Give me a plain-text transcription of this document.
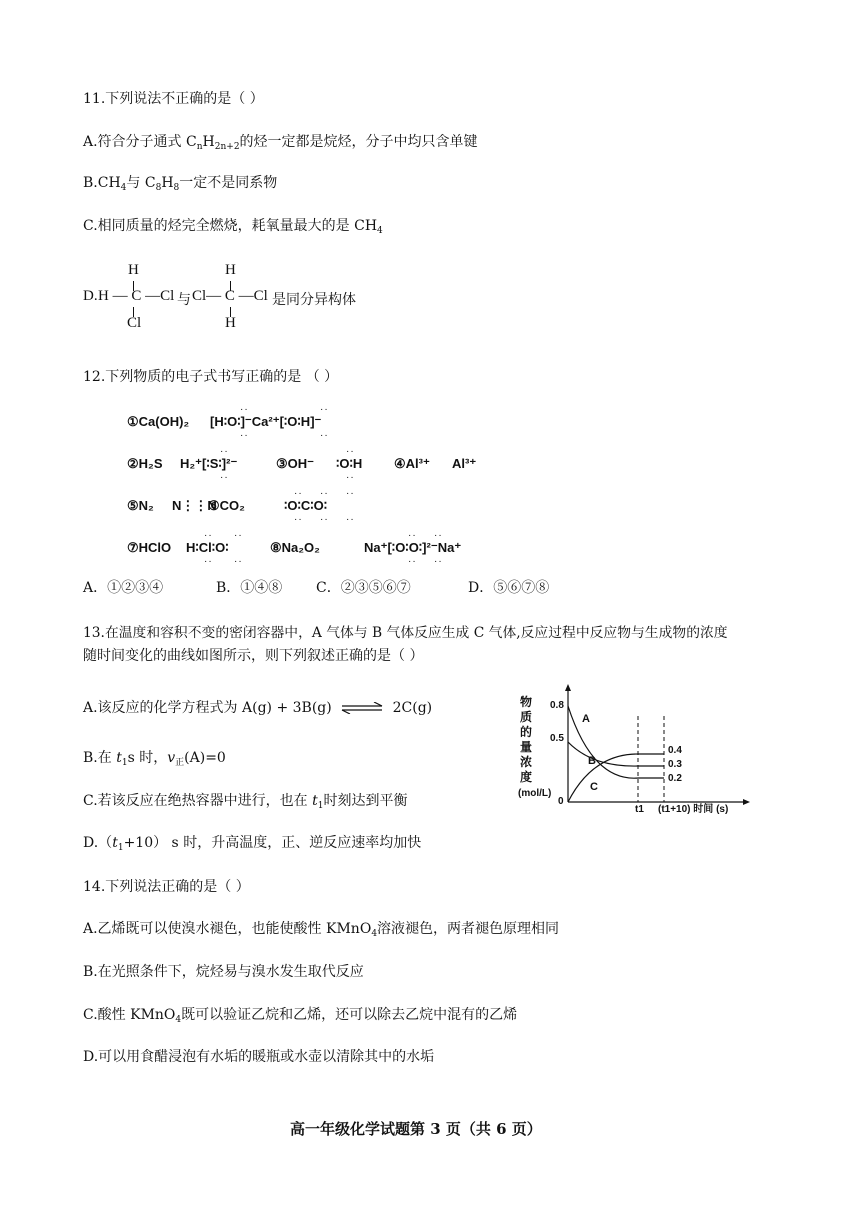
11.下列说法不正确的是（ ）
A.符合分子通式 $C_nH_{2n+2}$的烃一定都是烷烃，分子中均只含单键
$B.CH_4$与 $C_8H_8$一定不是同系物
C.相同质量的烃完全燃烧，耗氧量最大的是 $CH_4$
D.
H
H — C —Cl
Cl
与
H
Cl— C —Cl
H
是同分异构体
12.下列物质的电子式书写正确的是 （ ）
①Ca(OH)₂ [H∶O∶]⁻Ca²⁺[∶O∶H]⁻
··
··
··
··
②H₂S H₂⁺[∶S∶]²⁻
··
··
③OH⁻ ∶O∶H
··
··
④Al³⁺ Al³⁺
⑤N₂ N⋮⋮N
⑥CO₂	∶O∶C∶O∶
··
··
··
··
··
··
⑦HClO H∶Cl∶O∶
··
··
··
··
⑧Na₂O₂	Na⁺[∶O∶O∶]²⁻Na⁺
··
··
··
··
A．①②③④	B．①④⑧ C．②③⑤⑥⑦	D．⑤⑥⑦⑧
13.在温度和容积不变的密闭容器中，A 气体与 B 气体反应生成 C 气体,反应过程中反应物与生成物的浓度
随时间变化的曲线如图所示，则下列叙述正确的是（ ）
A.该反应的化学方程式为 A(g) + 3B(g) ⇌ 2C(g)
B.在 $t_1s$ 时，$v_正(A)=0$
C.若该反应在绝热容器中进行，也在 $t_1$时刻达到平衡
$D.(t_1+10)$ s 时，升高温度，正、逆反应速率均加快
物
质
的
量
浓
度
(mol/L)
0.8
0.5
0
A
B
C
0.4
0.3
0.2
t1 (t1+10) 时间 (s)
14.下列说法正确的是（ ）
A.乙烯既可以使溴水褪色，也能使酸性 KMnO$_4$溶液褪色，两者褪色原理相同
B.在光照条件下，烷烃易与溴水发生取代反应
C.酸性 KMnO$_4$既可以验证乙烷和乙烯，还可以除去乙烷中混有的乙烯
D.可以用食醋浸泡有水垢的暖瓶或水壶以清除其中的水垢
高一年级化学试题第 3 页（共 6 页）
